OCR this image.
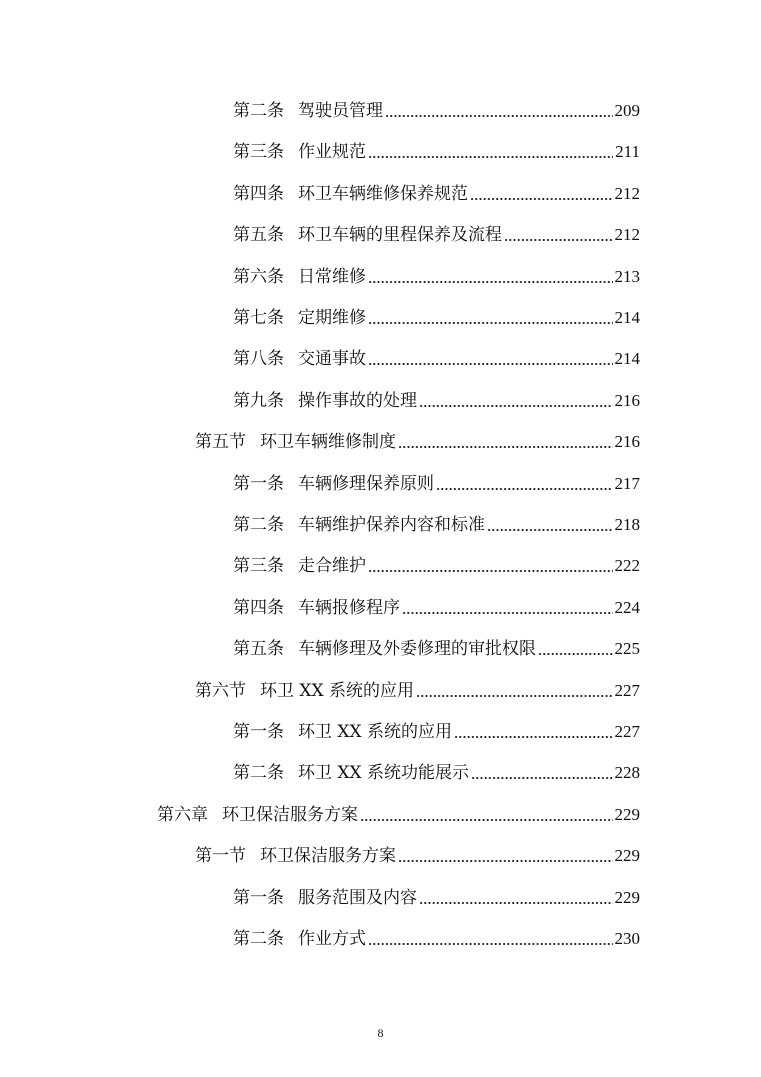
第二条 驾驶员管理	209
第三条 作业规范	211
第四条 环卫车辆维修保养规范	212
第五条 环卫车辆的里程保养及流程	212
第六条 日常维修	213
第七条 定期维修	214
第八条 交通事故	214
第九条 操作事故的处理	216
第五节 环卫车辆维修制度	216
第一条 车辆修理保养原则	217
第二条 车辆维护保养内容和标准	218
第三条 走合维护	222
第四条 车辆报修程序	224
第五条 车辆修理及外委修理的审批权限	225
第六节 环卫 XX 系统的应用	227
第一条 环卫 XX 系统的应用	227
第二条 环卫 XX 系统功能展示	228
第六章 环卫保洁服务方案	229
第一节 环卫保洁服务方案	229
第一条 服务范围及内容	229
第二条 作业方式	230
8
